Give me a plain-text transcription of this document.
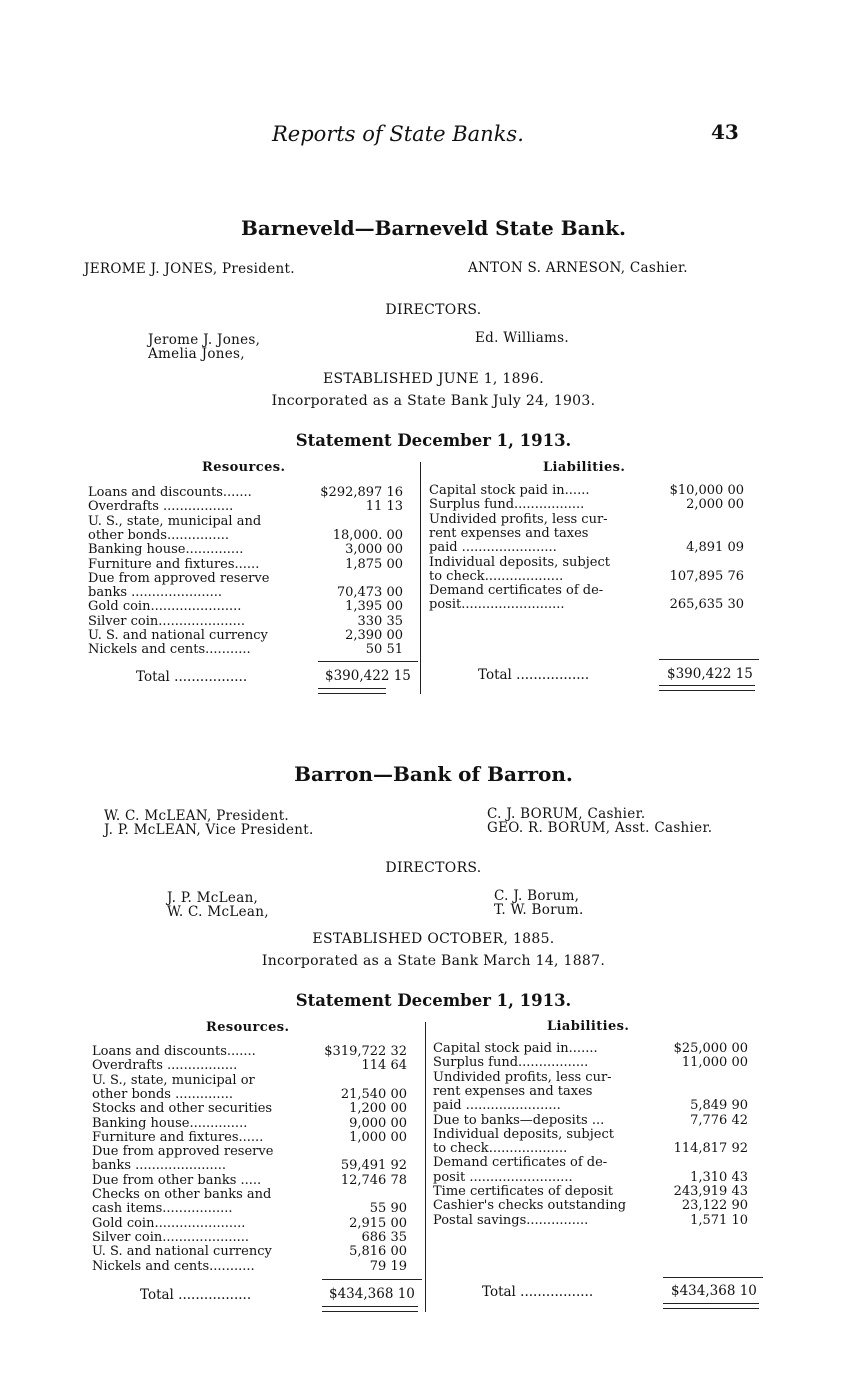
Reports of State Banks.	43
Barneveld—Barneveld State Bank.
JEROME J. JONES, President.	ANTON S. ARNESON, Cashier.
DIRECTORS.
Jerome J. Jones,
Amelia Jones,
Ed. Williams.
ESTABLISHED JUNE 1, 1896.
Incorporated as a State Bank July 24, 1903.
Statement December 1, 1913.
Resources.	Liabilities.
Loans and discounts.......	$292,897 16
Overdrafts .................	11 13
U. S., state, municipal and
other bonds...............	18,000. 00
Banking house..............	3,000 00
Furniture and fixtures......	1,875 00
Due from approved reserve
banks ......................	70,473 00
Gold coin......................	1,395 00
Silver coin.....................	330 35
U. S. and national currency	2,390 00
Nickels and cents...........	50 51
Capital stock paid in......	$10,000 00
Surplus fund.................	2,000 00
Undivided profits, less cur-
rent expenses and taxes
paid .......................	4,891 09
Individual deposits, subject
to check...................	107,895 76
Demand certificates of de-
posit.........................	265,635 30
Total .................	$390,422 15	Total .................	$390,422 15
Barron—Bank of Barron.
W. C. McLEAN, President.
J. P. McLEAN, Vice President.
C. J. BORUM, Cashier.
GEO. R. BORUM, Asst. Cashier.
DIRECTORS.
J. P. McLean,
W. C. McLean,
C. J. Borum,
T. W. Borum.
ESTABLISHED OCTOBER, 1885.
Incorporated as a State Bank March 14, 1887.
Statement December 1, 1913.
Resources.	Liabilities.
Loans and discounts.......	$319,722 32
Overdrafts .................	114 64
U. S., state, municipal or
other bonds ..............	21,540 00
Stocks and other securities	1,200 00
Banking house..............	9,000 00
Furniture and fixtures......	1,000 00
Due from approved reserve
banks ......................	59,491 92
Due from other banks .....	12,746 78
Checks on other banks and
cash items.................	55 90
Gold coin......................	2,915 00
Silver coin.....................	686 35
U. S. and national currency	5,816 00
Nickels and cents...........	79 19
Capital stock paid in.......	$25,000 00
Surplus fund.................	11,000 00
Undivided profits, less cur-
rent expenses and taxes
paid .......................	5,849 90
Due to banks—deposits ...	7,776 42
Individual deposits, subject
to check...................	114,817 92
Demand certificates of de-
posit .........................	1,310 43
Time certificates of deposit	243,919 43
Cashier's checks outstanding	23,122 90
Postal savings...............	1,571 10
Total .................	$434,368 10	Total .................	$434,368 10
